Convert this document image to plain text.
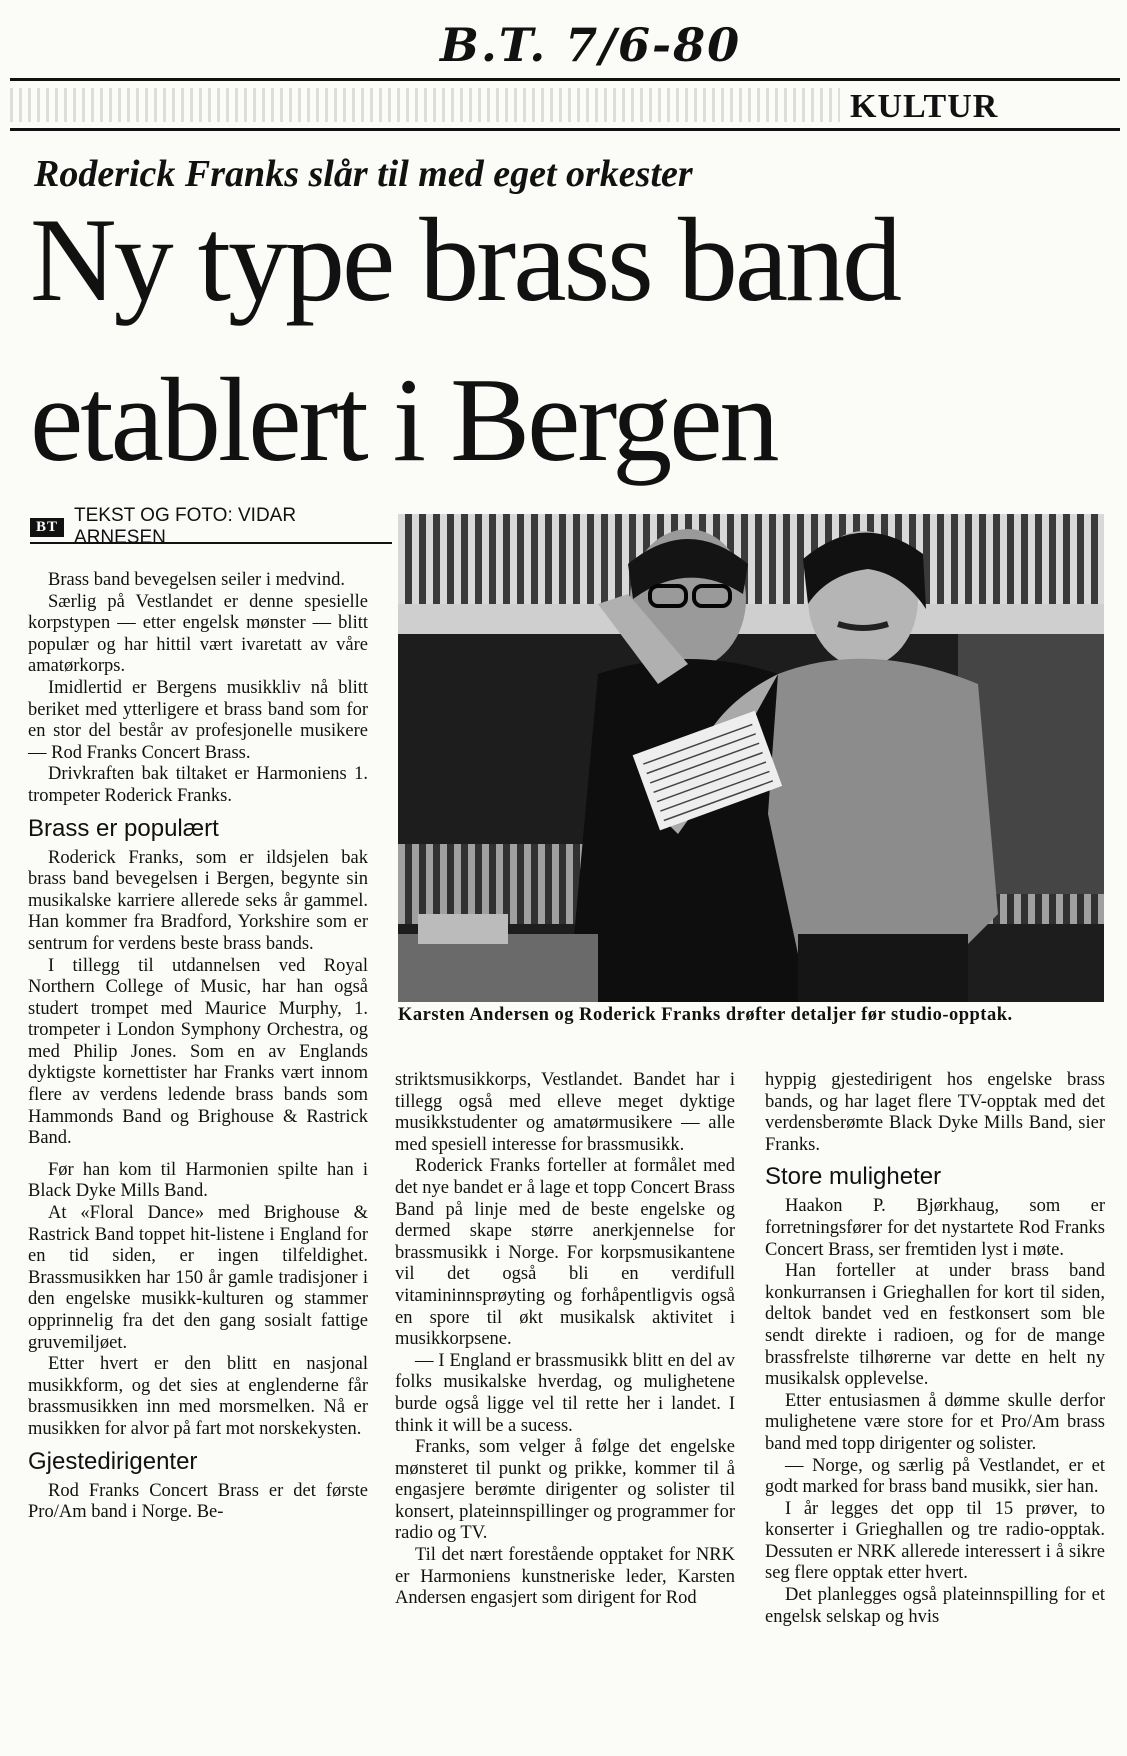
B.T. 7/6-80
KULTUR
Roderick Franks slår til med eget orkester
Ny type brass band
etablert i Bergen
BT
TEKST OG FOTO: VIDAR ARNESEN

Brass band bevegelsen seiler i medvind.

Særlig på Vestlandet er denne spesielle korpstypen — etter engelsk mønster — blitt populær og har hittil vært ivaretatt av våre amatørkorps.

Imidlertid er Bergens musikkliv nå blitt beriket med ytterligere et brass band som for en stor del består av profesjonelle musikere — Rod Franks Concert Brass.

Drivkraften bak tiltaket er Harmoniens 1. trompeter Roderick Franks.

Brass er populært

Roderick Franks, som er ildsjelen bak brass band bevegelsen i Bergen, begynte sin musikalske karriere allerede seks år gammel. Han kommer fra Bradford, Yorkshire som er sentrum for verdens beste brass bands.

I tillegg til utdannelsen ved Royal Northern College of Music, har han også studert trompet med Maurice Murphy, 1. trompeter i London Symphony Orchestra, og med Philip Jones. Som en av Englands dyktigste kornettister har Franks vært innom flere av verdens ledende brass bands som Hammonds Band og Brighouse & Rastrick Band.

Før han kom til Harmonien spilte han i Black Dyke Mills Band.

At «Floral Dance» med Brighouse & Rastrick Band toppet hit-listene i England for en tid siden, er ingen tilfeldighet. Brassmusikken har 150 år gamle tradisjoner i den engelske musikk-kulturen og stammer opprinnelig fra det den gang sosialt fattige gruvemiljøet.

Etter hvert er den blitt en nasjonal musikkform, og det sies at englenderne får brassmusikken inn med morsmelken. Nå er musikken for alvor på fart mot norskekysten.

Gjestedirigenter

Rod Franks Concert Brass er det første Pro/Am band i Norge. Be-

Karsten Andersen og Roderick Franks drøfter detaljer før studio-opptak.

striktsmusikkorps, Vestlandet. Bandet har i tillegg også med elleve meget dyktige musikkstudenter og amatørmusikere — alle med spesiell interesse for brassmusikk.

Roderick Franks forteller at formålet med det nye bandet er å lage et topp Concert Brass Band på linje med de beste engelske og dermed skape større anerkjennelse for brassmusikk i Norge. For korpsmusikantene vil det også bli en verdifull vitamininnsprøyting og forhåpentligvis også en spore til økt musikalsk aktivitet i musikkorpsene.

— I England er brassmusikk blitt en del av folks musikalske hverdag, og mulighetene burde også ligge vel til rette her i landet. I think it will be a sucess.

Franks, som velger å følge det engelske mønsteret til punkt og prikke, kommer til å engasjere berømte dirigenter og solister til konsert, plateinnspillinger og programmer for radio og TV.

Til det nært forestående opptaket for NRK er Harmoniens kunstneriske leder, Karsten Andersen engasjert som dirigent for Rod

hyppig gjestedirigent hos engelske brass bands, og har laget flere TV-opptak med det verdensberømte Black Dyke Mills Band, sier Franks.

Store muligheter

Haakon P. Bjørkhaug, som er forretningsfører for det nystartete Rod Franks Concert Brass, ser fremtiden lyst i møte.

Han forteller at under brass band konkurransen i Grieghallen for kort til siden, deltok bandet ved en festkonsert som ble sendt direkte i radioen, og for de mange brassfrelste tilhørerne var dette en helt ny musikalsk opplevelse.

Etter entusiasmen å dømme skulle derfor mulighetene være store for et Pro/Am brass band med topp dirigenter og solister.

— Norge, og særlig på Vestlandet, er et godt marked for brass band musikk, sier han.

I år legges det opp til 15 prøver, to konserter i Grieghallen og tre radio-opptak. Dessuten er NRK allerede interessert i å sikre seg flere opptak etter hvert.

Det planlegges også plateinnspilling for et engelsk selskap og hvis
